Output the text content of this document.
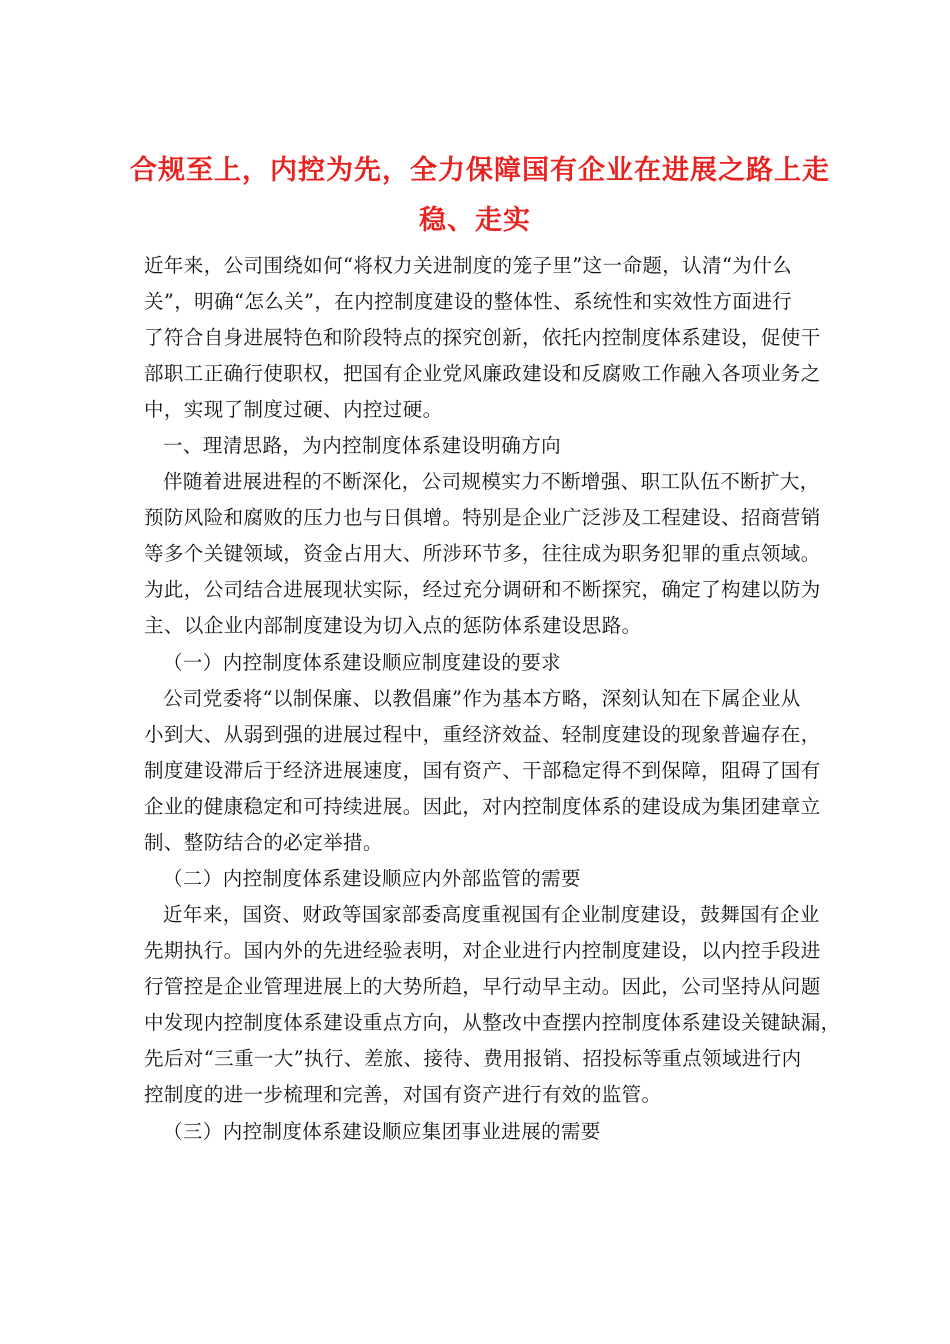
合规至上，内控为先，全力保障国有企业在进展之路上走
稳、走实
近年来，公司围绕如何“将权力关进制度的笼子里”这一命题，认清“为什么
关”，明确“怎么关”，在内控制度建设的整体性、系统性和实效性方面进行
了符合自身进展特色和阶段特点的探究创新，依托内控制度体系建设，促使干
部职工正确行使职权，把国有企业党风廉政建设和反腐败工作融入各项业务之
中，实现了制度过硬、内控过硬。
一、理清思路，为内控制度体系建设明确方向
伴随着进展进程的不断深化，公司规模实力不断增强、职工队伍不断扩大，
预防风险和腐败的压力也与日俱增。特别是企业广泛涉及工程建设、招商营销
等多个关键领域，资金占用大、所涉环节多，往往成为职务犯罪的重点领域。
为此，公司结合进展现状实际，经过充分调研和不断探究，确定了构建以防为
主、以企业内部制度建设为切入点的惩防体系建设思路。
（一）内控制度体系建设顺应制度建设的要求
公司党委将“以制保廉、以教倡廉”作为基本方略，深刻认知在下属企业从
小到大、从弱到强的进展过程中，重经济效益、轻制度建设的现象普遍存在，
制度建设滞后于经济进展速度，国有资产、干部稳定得不到保障，阻碍了国有
企业的健康稳定和可持续进展。因此，对内控制度体系的建设成为集团建章立
制、整防结合的必定举措。
（二）内控制度体系建设顺应内外部监管的需要
近年来，国资、财政等国家部委高度重视国有企业制度建设，鼓舞国有企业
先期执行。国内外的先进经验表明，对企业进行内控制度建设，以内控手段进
行管控是企业管理进展上的大势所趋，早行动早主动。因此，公司坚持从问题
中发现内控制度体系建设重点方向，从整改中查摆内控制度体系建设关键缺漏，
先后对“三重一大”执行、差旅、接待、费用报销、招投标等重点领域进行内
控制度的进一步梳理和完善，对国有资产进行有效的监管。
（三）内控制度体系建设顺应集团事业进展的需要
